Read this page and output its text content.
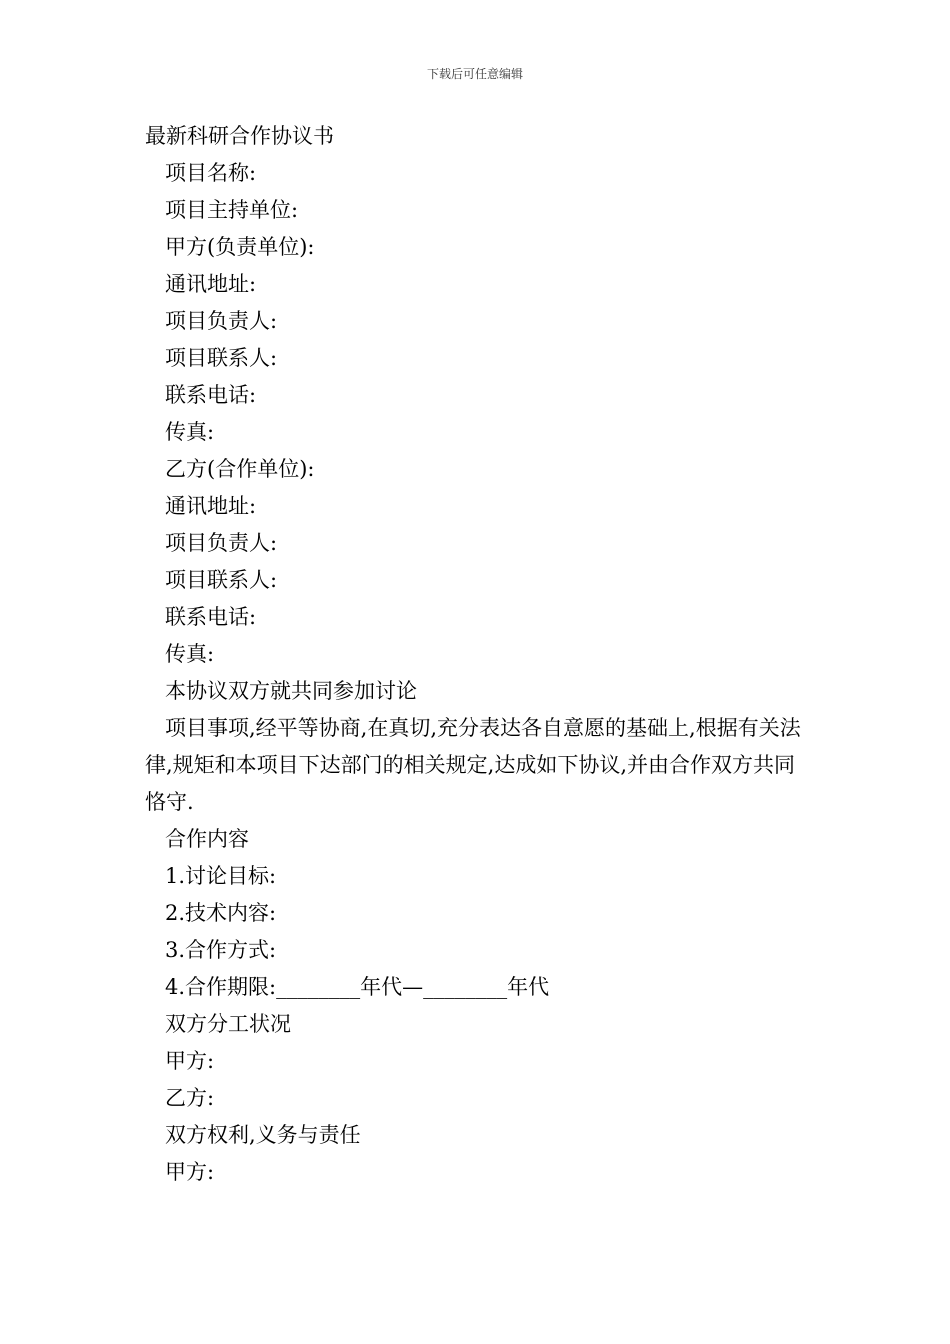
下载后可任意编辑
最新科研合作协议书
项目名称:
项目主持单位:
甲方(负责单位):
通讯地址:
项目负责人:
项目联系人:
联系电话:
传真:
乙方(合作单位):
通讯地址:
项目负责人:
项目联系人:
联系电话:
传真:
本协议双方就共同参加讨论

项目事项,经平等协商,在真切,充分表达各自意愿的基础上,根据有关法律,规矩和本项目下达部门的相关规定,达成如下协议,并由合作双方共同恪守.

合作内容
1.讨论目标:
2.技术内容:
3.合作方式:
4.合作期限:________年代—________年代
双方分工状况
甲方:
乙方:
双方权利,义务与责任
甲方:
